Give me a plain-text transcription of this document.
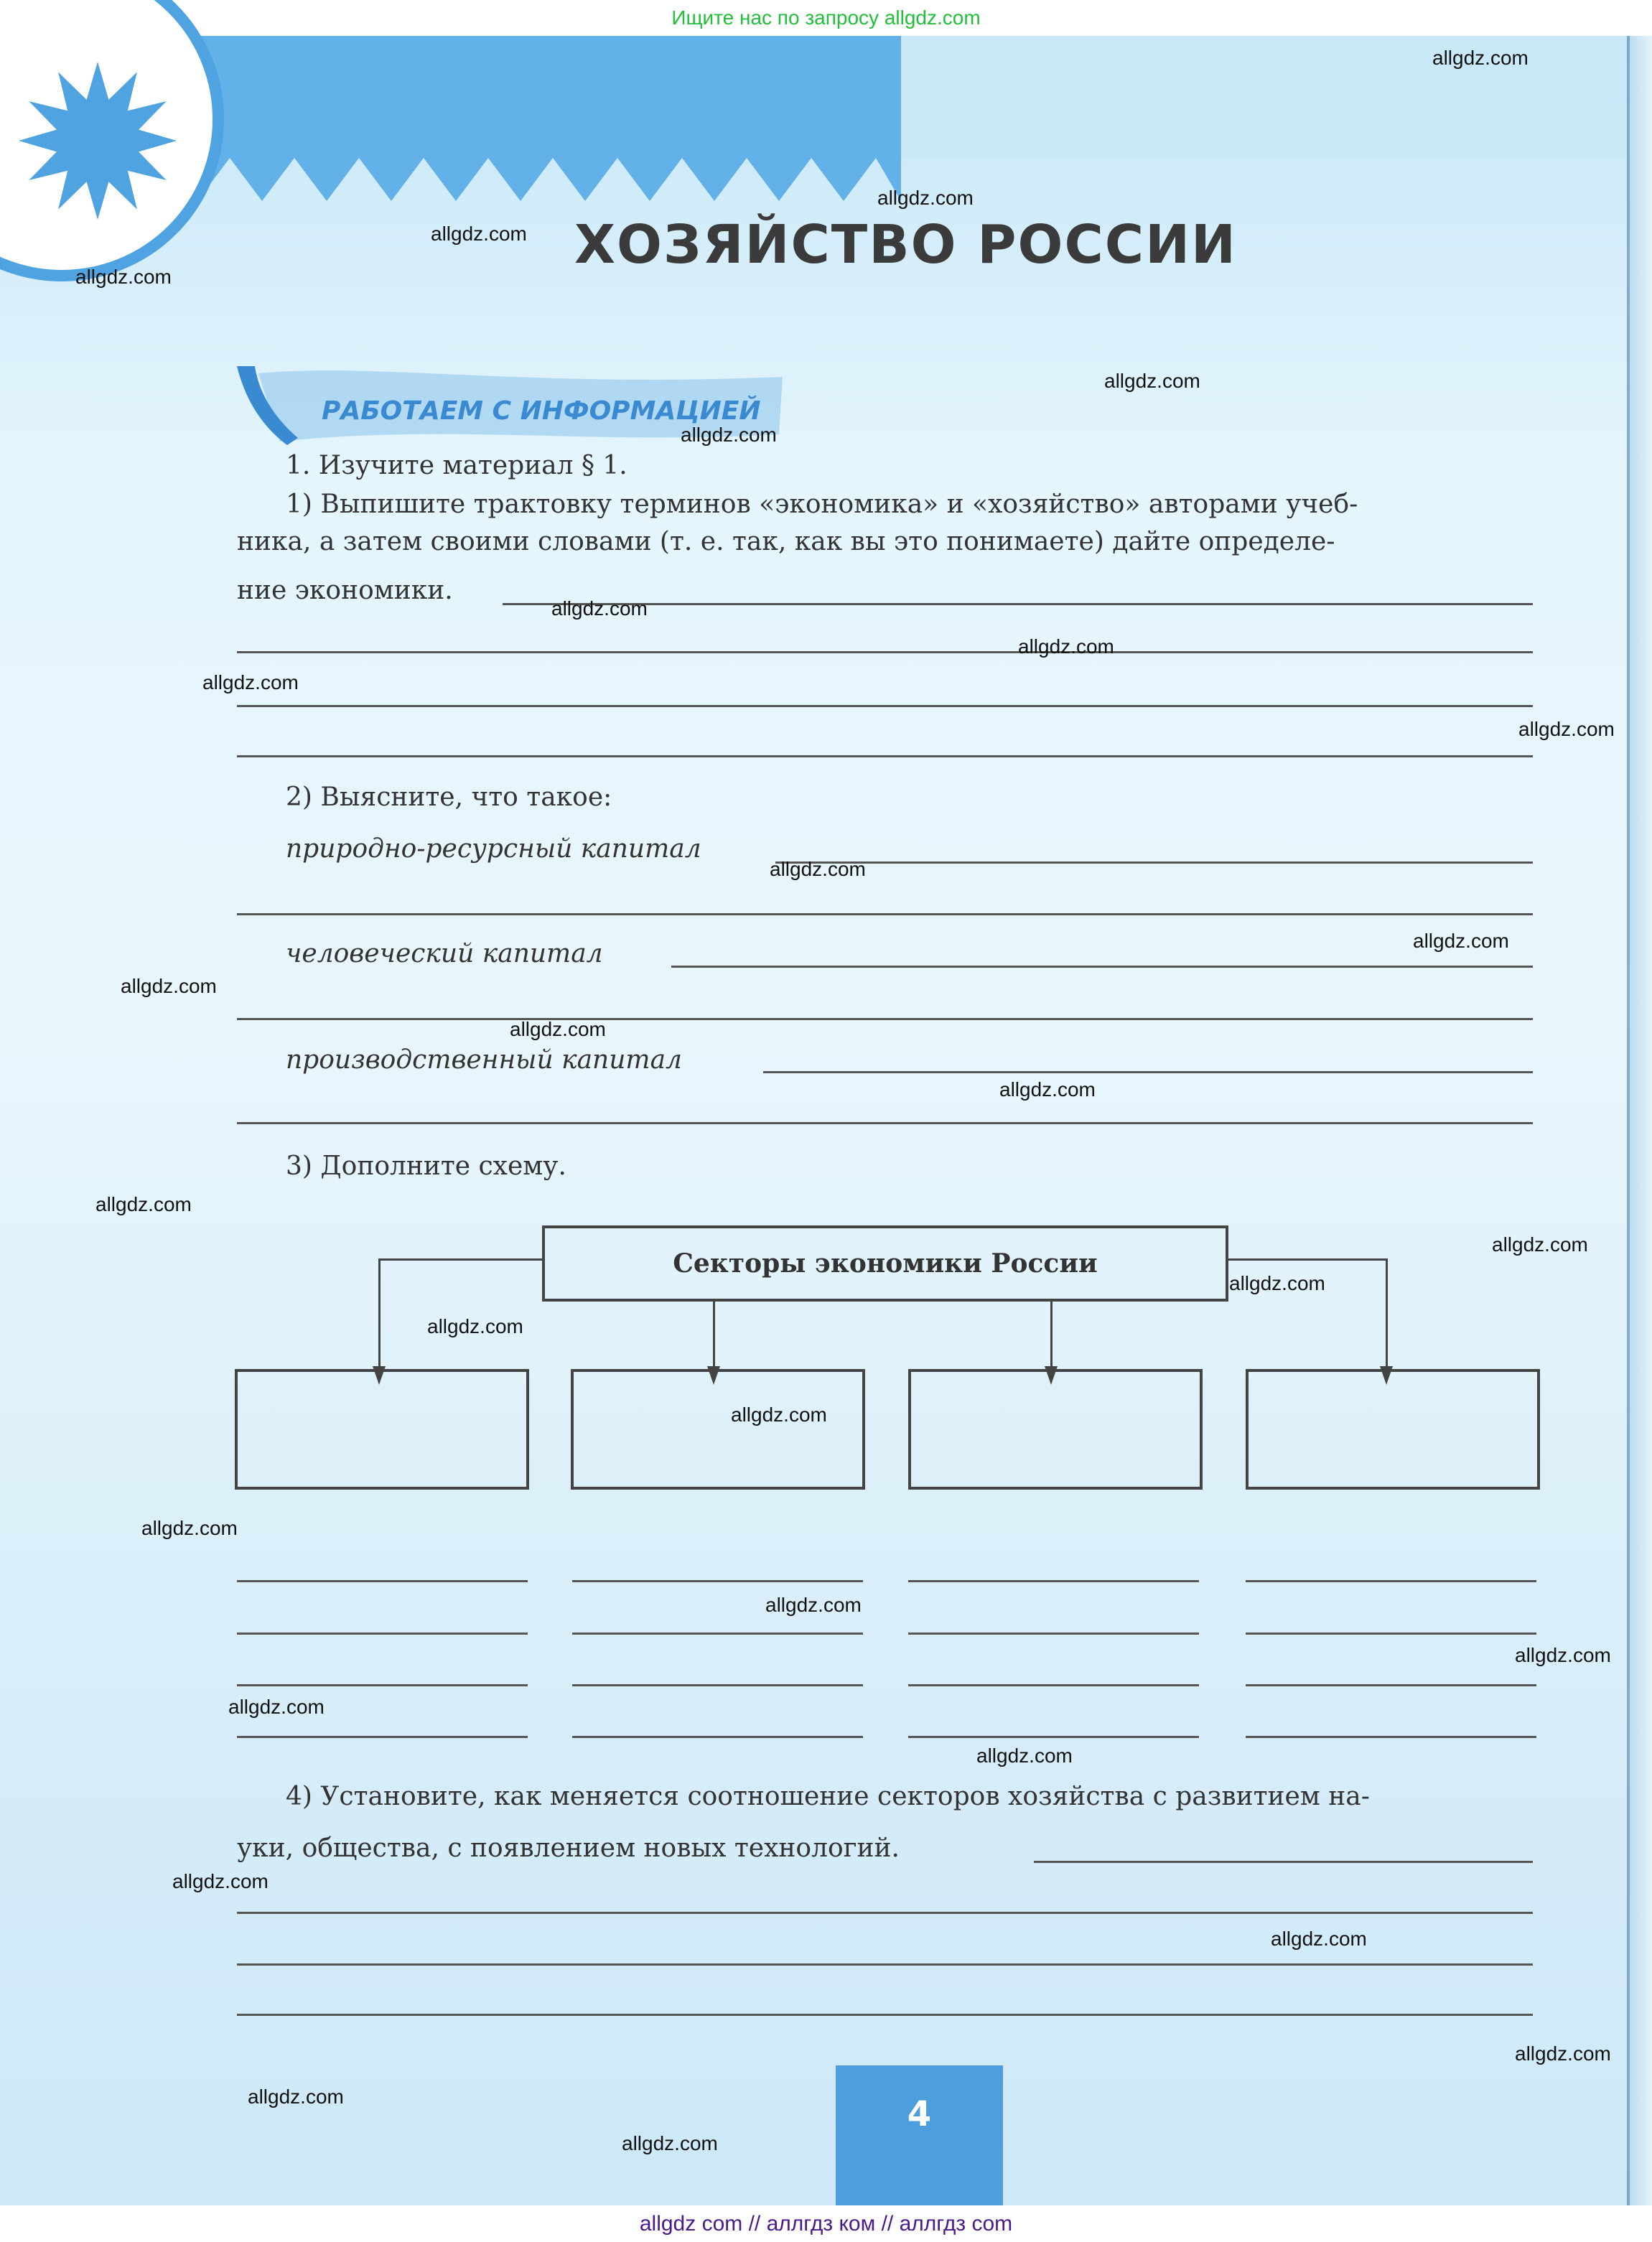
Ищите нас по запросу allgdz.com
ХОЗЯЙСТВО РОССИИ
РАБОТАЕМ С ИНФОРМАЦИЕЙ
1. Изучите материал § 1.
1) Выпишите трактовку терминов «экономика» и «хозяйство» авторами учеб-
ника, а затем своими словами (т. е. так, как вы это понимаете) дайте определе-
ние экономики.
2) Выясните, что такое:
природно-ресурсный капитал
человеческий капитал
производственный капитал
3) Дополните схему.
Секторы экономики России
4) Установите, как меняется соотношение секторов хозяйства с развитием на-
уки, общества, с появлением новых технологий.
4
allgdz.com
allgdz.com
allgdz.com
allgdz.com
allgdz.com
allgdz.com
allgdz.com
allgdz.com
allgdz.com
allgdz.com
allgdz.com
allgdz.com
allgdz.com
allgdz.com
allgdz.com
allgdz.com
allgdz.com
allgdz.com
allgdz.com
allgdz.com
allgdz.com
allgdz.com
allgdz.com
allgdz.com
allgdz.com
allgdz.com
allgdz.com
allgdz.com
allgdz.com
allgdz.com
allgdz com // аллгдз ком // аллгдз com
